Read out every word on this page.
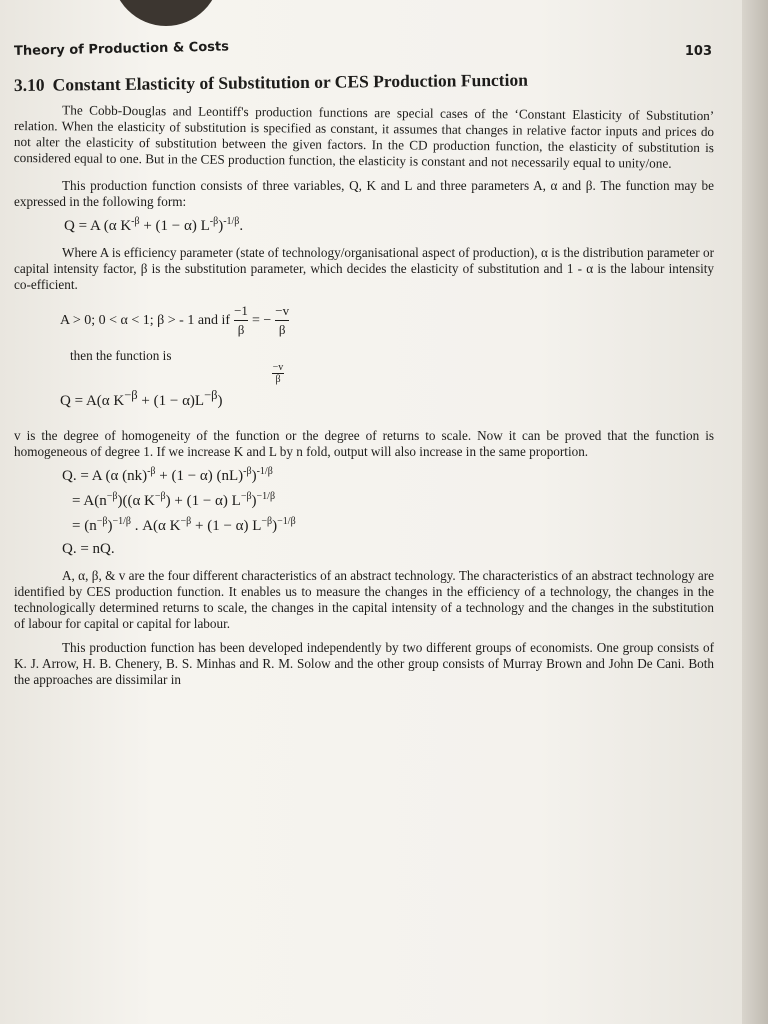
Theory of Production & Costs	103
3.10 Constant Elasticity of Substitution or CES Production Function

The Cobb-Douglas and Leontiff's production functions are special cases of the ‘Constant Elasticity of Substitution’ relation. When the elasticity of substitution is specified as constant, it assumes that changes in relative factor inputs and prices do not alter the elasticity of substitution between the given factors. In the CD production function, the elasticity of substitution is considered equal to one. But in the CES production function, the elasticity is constant and not necessarily equal to unity/one.

This production function consists of three variables, Q, K and L and three parameters A, α and β. The function may be expressed in the following form:

Q = A (α $K^{-\beta} + (1 - \alpha)$ $L^{-\beta})^{-1/\beta}$.

Where A is efficiency parameter (state of technology/organisational aspect of production), α is the distribution parameter or capital intensity factor, β is the substitution parameter, which decides the elasticity of substitution and 1 - α is the labour intensity co-efficient.

A > 0; 0 < α < 1; β > - 1 and if $\frac{-1}{\beta}$ = − $\frac{-v}{\beta}$
then the function is
−v
β
Q = A(α $K^{-\beta} + (1 - \alpha)L^{-\beta}$)

v is the degree of homogeneity of the function or the degree of returns to scale. Now it can be proved that the function is homogeneous of degree 1. If we increase K and L by n fold, output will also increase in the same proportion.

Q. = A (α (nk)$^{-\beta}$ + (1 − α) (nL)$^{-\beta}$)$^{-1/\beta}$
= $A(n^{-\beta})((\alpha$ $K^{-\beta}) + (1 - \alpha)$ $L^{-\beta})^{-1/\beta}$
= $(n^{-\beta})^{-1/\beta}$ . A(α $K^{-\beta} + (1 - \alpha)$ $L^{-\beta})^{-1/\beta}$
Q. = nQ.

A, α, β, & v are the four different characteristics of an abstract technology. The characteristics of an abstract technology are identified by CES production function. It enables us to measure the changes in the efficiency of a technology, the changes in the technologically determined returns to scale, the changes in the capital intensity of a technology and the changes in the substitution of labour for capital or capital for labour.

This production function has been developed independently by two different groups of economists. One group consists of K. J. Arrow, H. B. Chenery, B. S. Minhas and R. M. Solow and the other group consists of Murray Brown and John De Cani. Both the approaches are dissimilar in
